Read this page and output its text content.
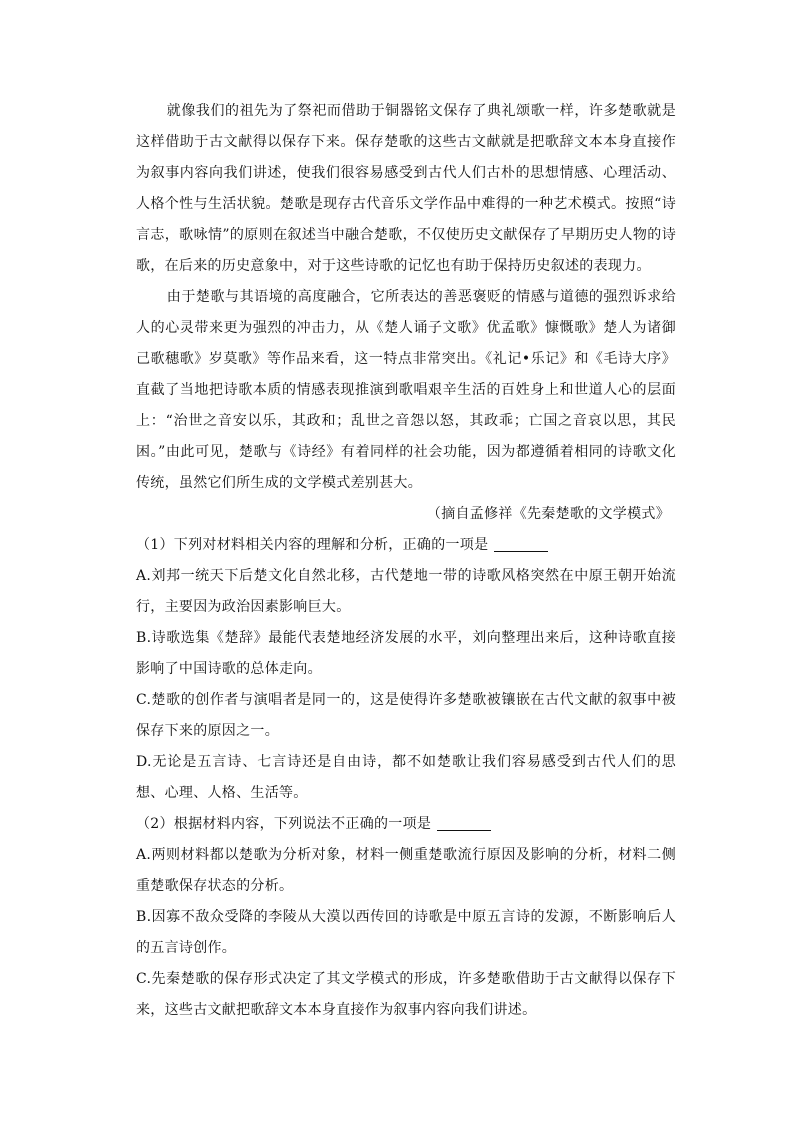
就像我们的祖先为了祭祀而借助于铜器铭文保存了典礼颂歌一样，许多楚歌就是这样借助于古文献得以保存下来。保存楚歌的这些古文献就是把歌辞文本本身直接作为叙事内容向我们讲述，使我们很容易感受到古代人们古朴的思想情感、心理活动、人格个性与生活状貌。楚歌是现存古代音乐文学作品中难得的一种艺术模式。按照“诗言志，歌咏情”的原则在叙述当中融合楚歌，不仅使历史文献保存了早期历史人物的诗歌，在后来的历史意象中，对于这些诗歌的记忆也有助于保持历史叙述的表现力。

由于楚歌与其语境的高度融合，它所表达的善恶褒贬的情感与道德的强烈诉求给人的心灵带来更为强烈的冲击力，从《楚人诵子文歌》优孟歌》慷慨歌》楚人为诸御己歌穗歌》岁莫歌》等作品来看，这一特点非常突出。《礼记•乐记》和《毛诗大序》直截了当地把诗歌本质的情感表现推演到歌唱艰辛生活的百姓身上和世道人心的层面上：“治世之音安以乐，其政和；乱世之音怨以怒，其政乖；亡国之音哀以思，其民困。”由此可见，楚歌与《诗经》有着同样的社会功能，因为都遵循着相同的诗歌文化传统，虽然它们所生成的文学模式差别甚大。

（摘自孟修祥《先秦楚歌的文学模式》

（1）下列对材料相关内容的理解和分析，正确的一项是

A.刘邦一统天下后楚文化自然北移，古代楚地一带的诗歌风格突然在中原王朝开始流行，主要因为政治因素影响巨大。

B.诗歌选集《楚辞》最能代表楚地经济发展的水平，刘向整理出来后，这种诗歌直接影响了中国诗歌的总体走向。

C.楚歌的创作者与演唱者是同一的，这是使得许多楚歌被镶嵌在古代文献的叙事中被保存下来的原因之一。

D.无论是五言诗、七言诗还是自由诗，都不如楚歌让我们容易感受到古代人们的思想、心理、人格、生活等。

（2）根据材料内容，下列说法不正确的一项是

A.两则材料都以楚歌为分析对象，材料一侧重楚歌流行原因及影响的分析，材料二侧重楚歌保存状态的分析。

B.因寡不敌众受降的李陵从大漠以西传回的诗歌是中原五言诗的发源，不断影响后人的五言诗创作。

C.先秦楚歌的保存形式决定了其文学模式的形成，许多楚歌借助于古文献得以保存下来，这些古文献把歌辞文本本身直接作为叙事内容向我们讲述。
